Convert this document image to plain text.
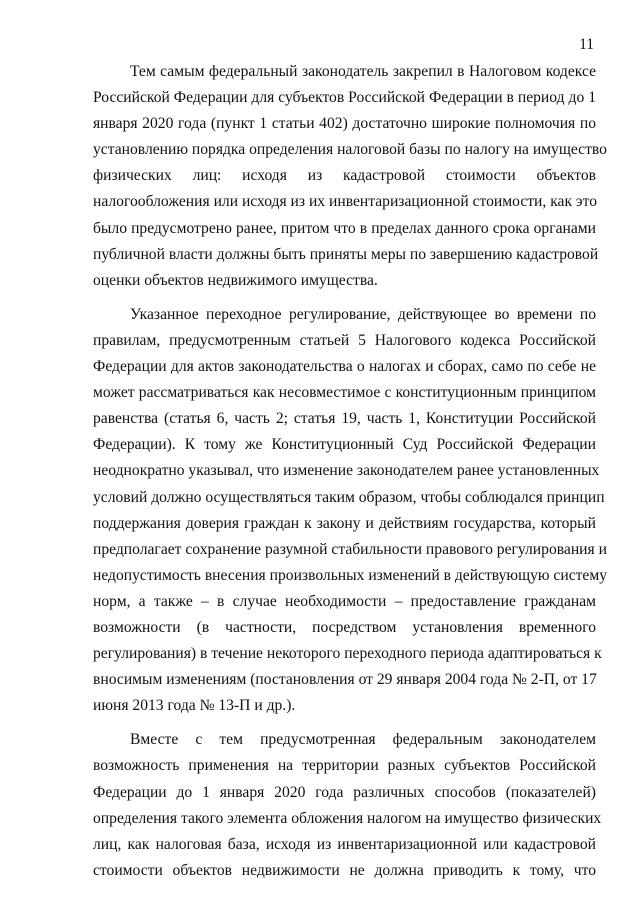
11
Тем самым федеральный законодатель закрепил в Налоговом кодексе
Российской Федерации для субъектов Российской Федерации в период до 1
января 2020 года (пункт 1 статьи 402) достаточно широкие полномочия по
установлению порядка определения налоговой базы по налогу на имущество
физических лиц: исходя из кадастровой стоимости объектов
налогообложения или исходя из их инвентаризационной стоимости, как это
было предусмотрено ранее, притом что в пределах данного срока органами
публичной власти должны быть приняты меры по завершению кадастровой
оценки объектов недвижимого имущества.
Указанное переходное регулирование, действующее во времени по
правилам, предусмотренным статьей 5 Налогового кодекса Российской
Федерации для актов законодательства о налогах и сборах, само по себе не
может рассматриваться как несовместимое с конституционным принципом
равенства (статья 6, часть 2; статья 19, часть 1, Конституции Российской
Федерации). К тому же Конституционный Суд Российской Федерации
неоднократно указывал, что изменение законодателем ранее установленных
условий должно осуществляться таким образом, чтобы соблюдался принцип
поддержания доверия граждан к закону и действиям государства, который
предполагает сохранение разумной стабильности правового регулирования и
недопустимость внесения произвольных изменений в действующую систему
норм, а также – в случае необходимости – предоставление гражданам
возможности (в частности, посредством установления временного
регулирования) в течение некоторого переходного периода адаптироваться к
вносимым изменениям (постановления от 29 января 2004 года № 2-П, от 17
июня 2013 года № 13-П и др.).
Вместе с тем предусмотренная федеральным законодателем
возможность применения на территории разных субъектов Российской
Федерации до 1 января 2020 года различных способов (показателей)
определения такого элемента обложения налогом на имущество физических
лиц, как налоговая база, исходя из инвентаризационной или кадастровой
стоимости объектов недвижимости не должна приводить к тому, что
